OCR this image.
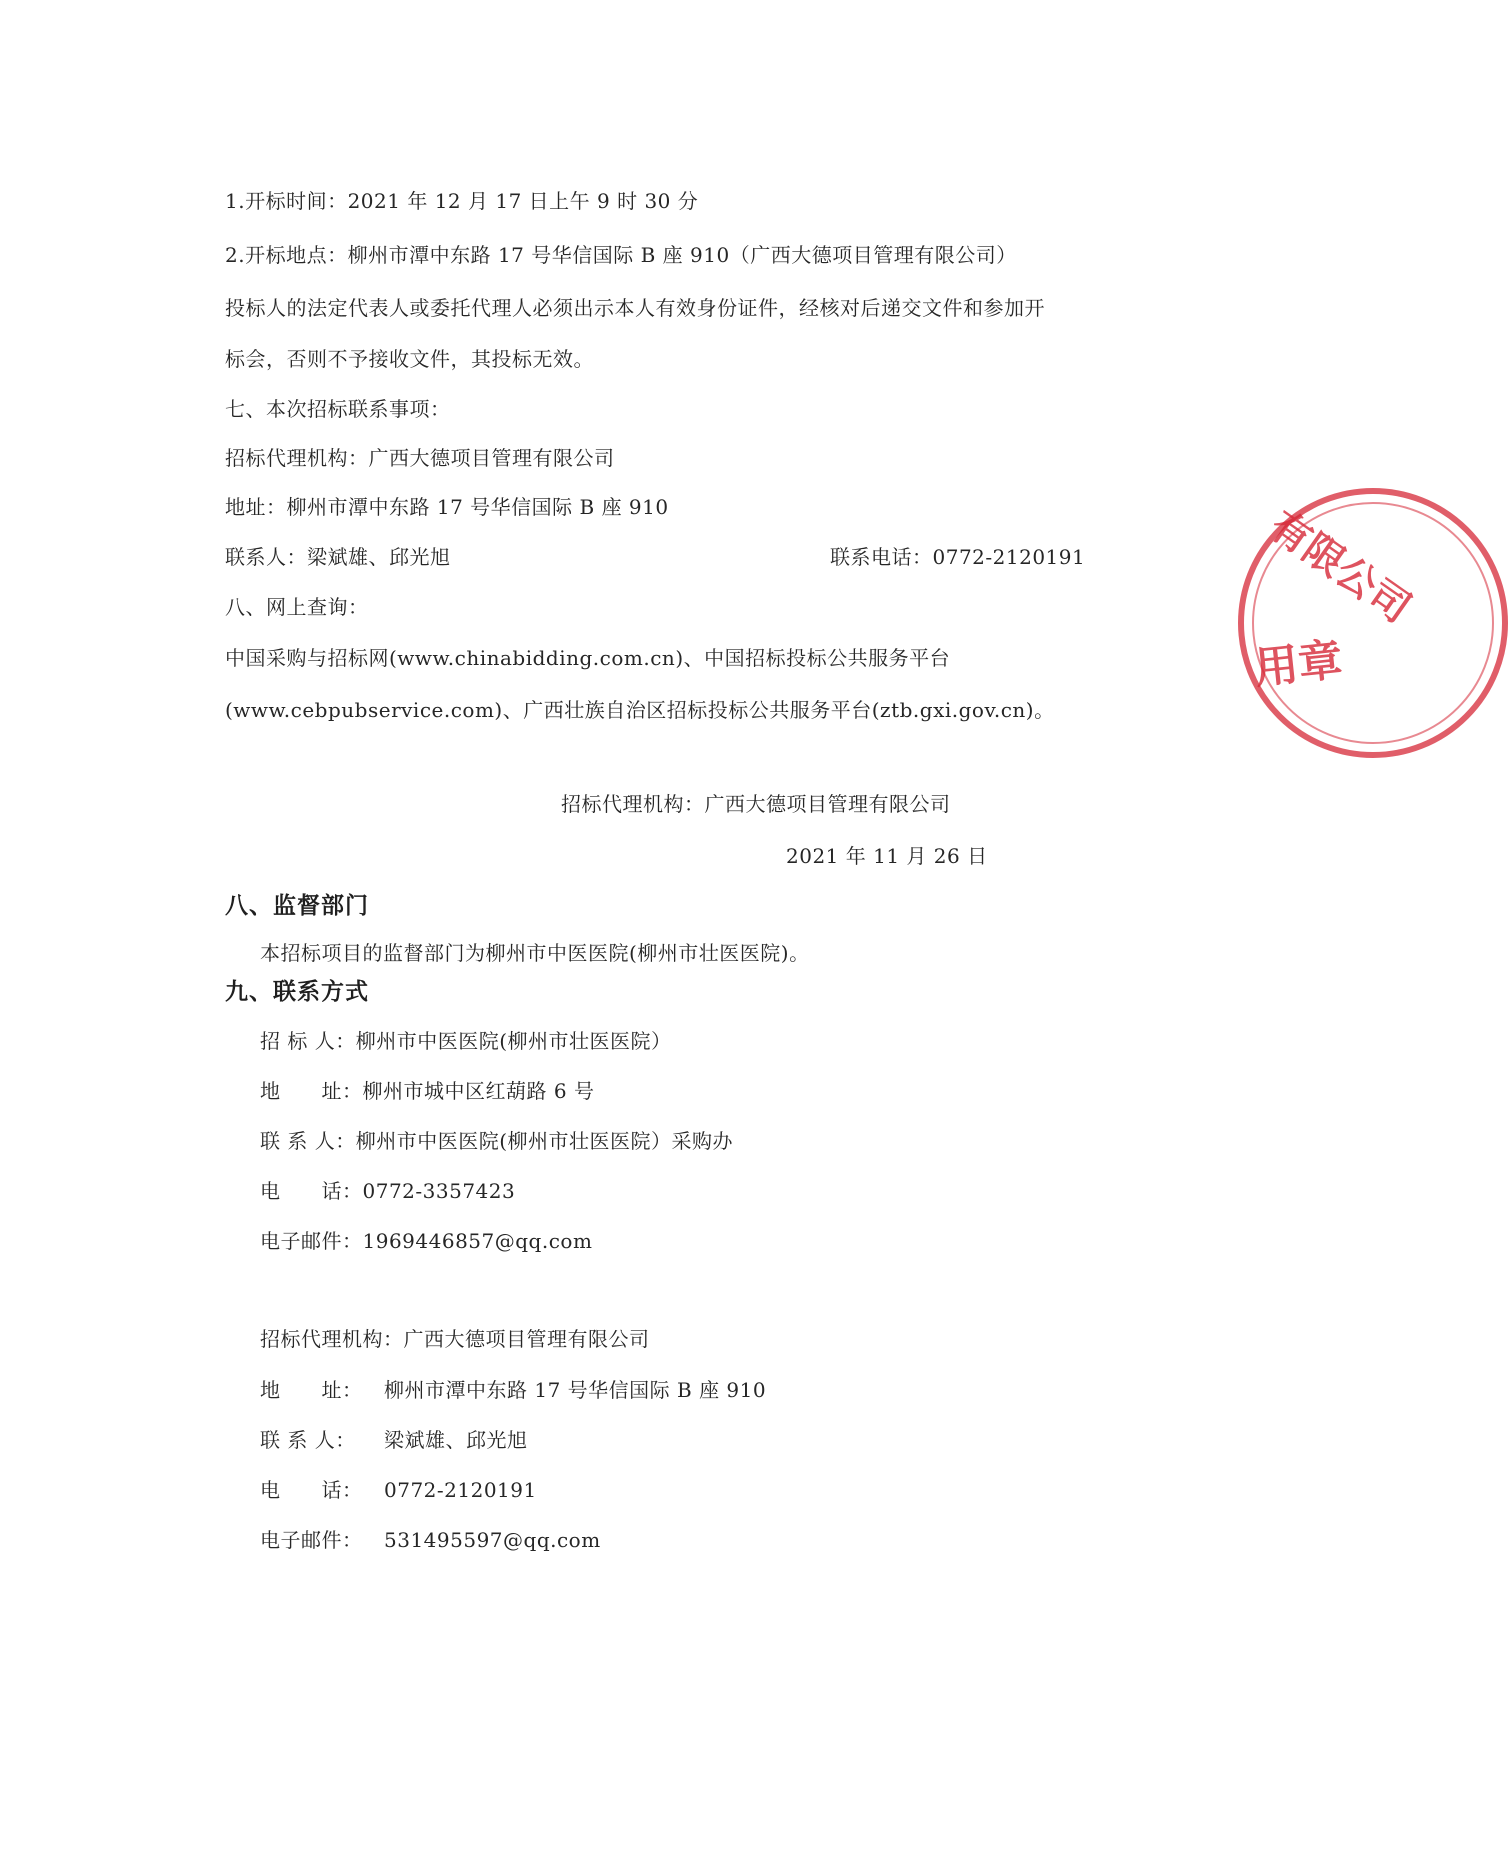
1.开标时间：2021 年 12 月 17 日上午 9 时 30 分
2.开标地点：柳州市潭中东路 17 号华信国际 B 座 910（广西大德项目管理有限公司）
投标人的法定代表人或委托代理人必须出示本人有效身份证件，经核对后递交文件和参加开
标会，否则不予接收文件，其投标无效。
七、本次招标联系事项：
招标代理机构：广西大德项目管理有限公司
地址：柳州市潭中东路 17 号华信国际 B 座 910
联系人：梁斌雄、邱光旭	联系电话：0772-2120191
八、网上查询：
中国采购与招标网(www.chinabidding.com.cn)、中国招标投标公共服务平台
(www.cebpubservice.com)、广西壮族自治区招标投标公共服务平台(ztb.gxi.gov.cn)。
招标代理机构：广西大德项目管理有限公司
2021 年 11 月 26 日
八、监督部门
本招标项目的监督部门为柳州市中医医院(柳州市壮医医院)。
九、联系方式
招 标 人：柳州市中医医院(柳州市壮医医院）
地　　址：柳州市城中区红葫路 6 号
联 系 人：柳州市中医医院(柳州市壮医医院）采购办
电　　话：0772-3357423
电子邮件：1969446857@qq.com
招标代理机构：广西大德项目管理有限公司
地　　址： 柳州市潭中东路 17 号华信国际 B 座 910
联 系 人： 梁斌雄、邱光旭
电　　话： 0772-2120191
电子邮件： 531495597@qq.com
有限公司
用章
